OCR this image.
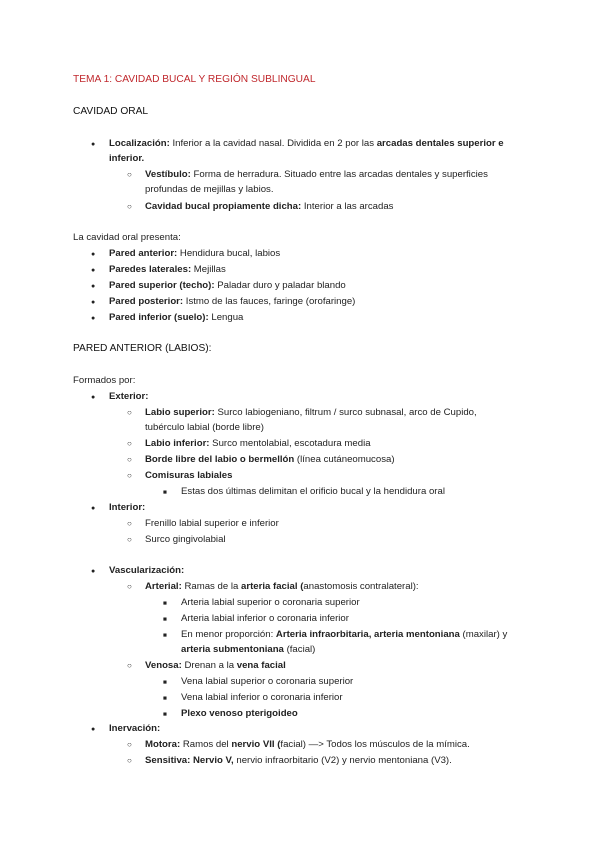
TEMA 1: CAVIDAD BUCAL Y REGIÓN SUBLINGUAL
CAVIDAD ORAL
●
Localización: Inferior a la cavidad nasal. Dividida en 2 por las arcadas dentales superior e
inferior.
○
Vestíbulo: Forma de herradura. Situado entre las arcadas dentales y superficies
profundas de mejillas y labios.
○
Cavidad bucal propiamente dicha: Interior a las arcadas
La cavidad oral presenta:
●
Pared anterior: Hendidura bucal, labios
●
Paredes laterales: Mejillas
●
Pared superior (techo): Paladar duro y paladar blando
●
Pared posterior: Istmo de las fauces, faringe (orofaringe)
●
Pared inferior (suelo): Lengua
PARED ANTERIOR (LABIOS):
Formados por:
●
Exterior:
○
Labio superior: Surco labiogeniano, filtrum / surco subnasal, arco de Cupido,
tubérculo labial (borde libre)
○
Labio inferior: Surco mentolabial, escotadura media
○
Borde libre del labio o bermellón (línea cutáneomucosa)
○
Comisuras labiales
■
Estas dos últimas delimitan el orificio bucal y la hendidura oral
●
Interior:
○
Frenillo labial superior e inferior
○
Surco gingivolabial
●
Vascularización:
○
Arterial: Ramas de la arteria facial (anastomosis contralateral):
■
Arteria labial superior o coronaria superior
■
Arteria labial inferior o coronaria inferior
■
En menor proporción: Arteria infraorbitaria, arteria mentoniana (maxilar) y
arteria submentoniana (facial)
○
Venosa: Drenan a la vena facial
■
Vena labial superior o coronaria superior
■
Vena labial inferior o coronaria inferior
■
Plexo venoso pterigoideo
●
Inervación:
○
Motora: Ramos del nervio VII (facial) —> Todos los músculos de la mímica.
○
Sensitiva: Nervio V, nervio infraorbitario (V2) y nervio mentoniana (V3).
